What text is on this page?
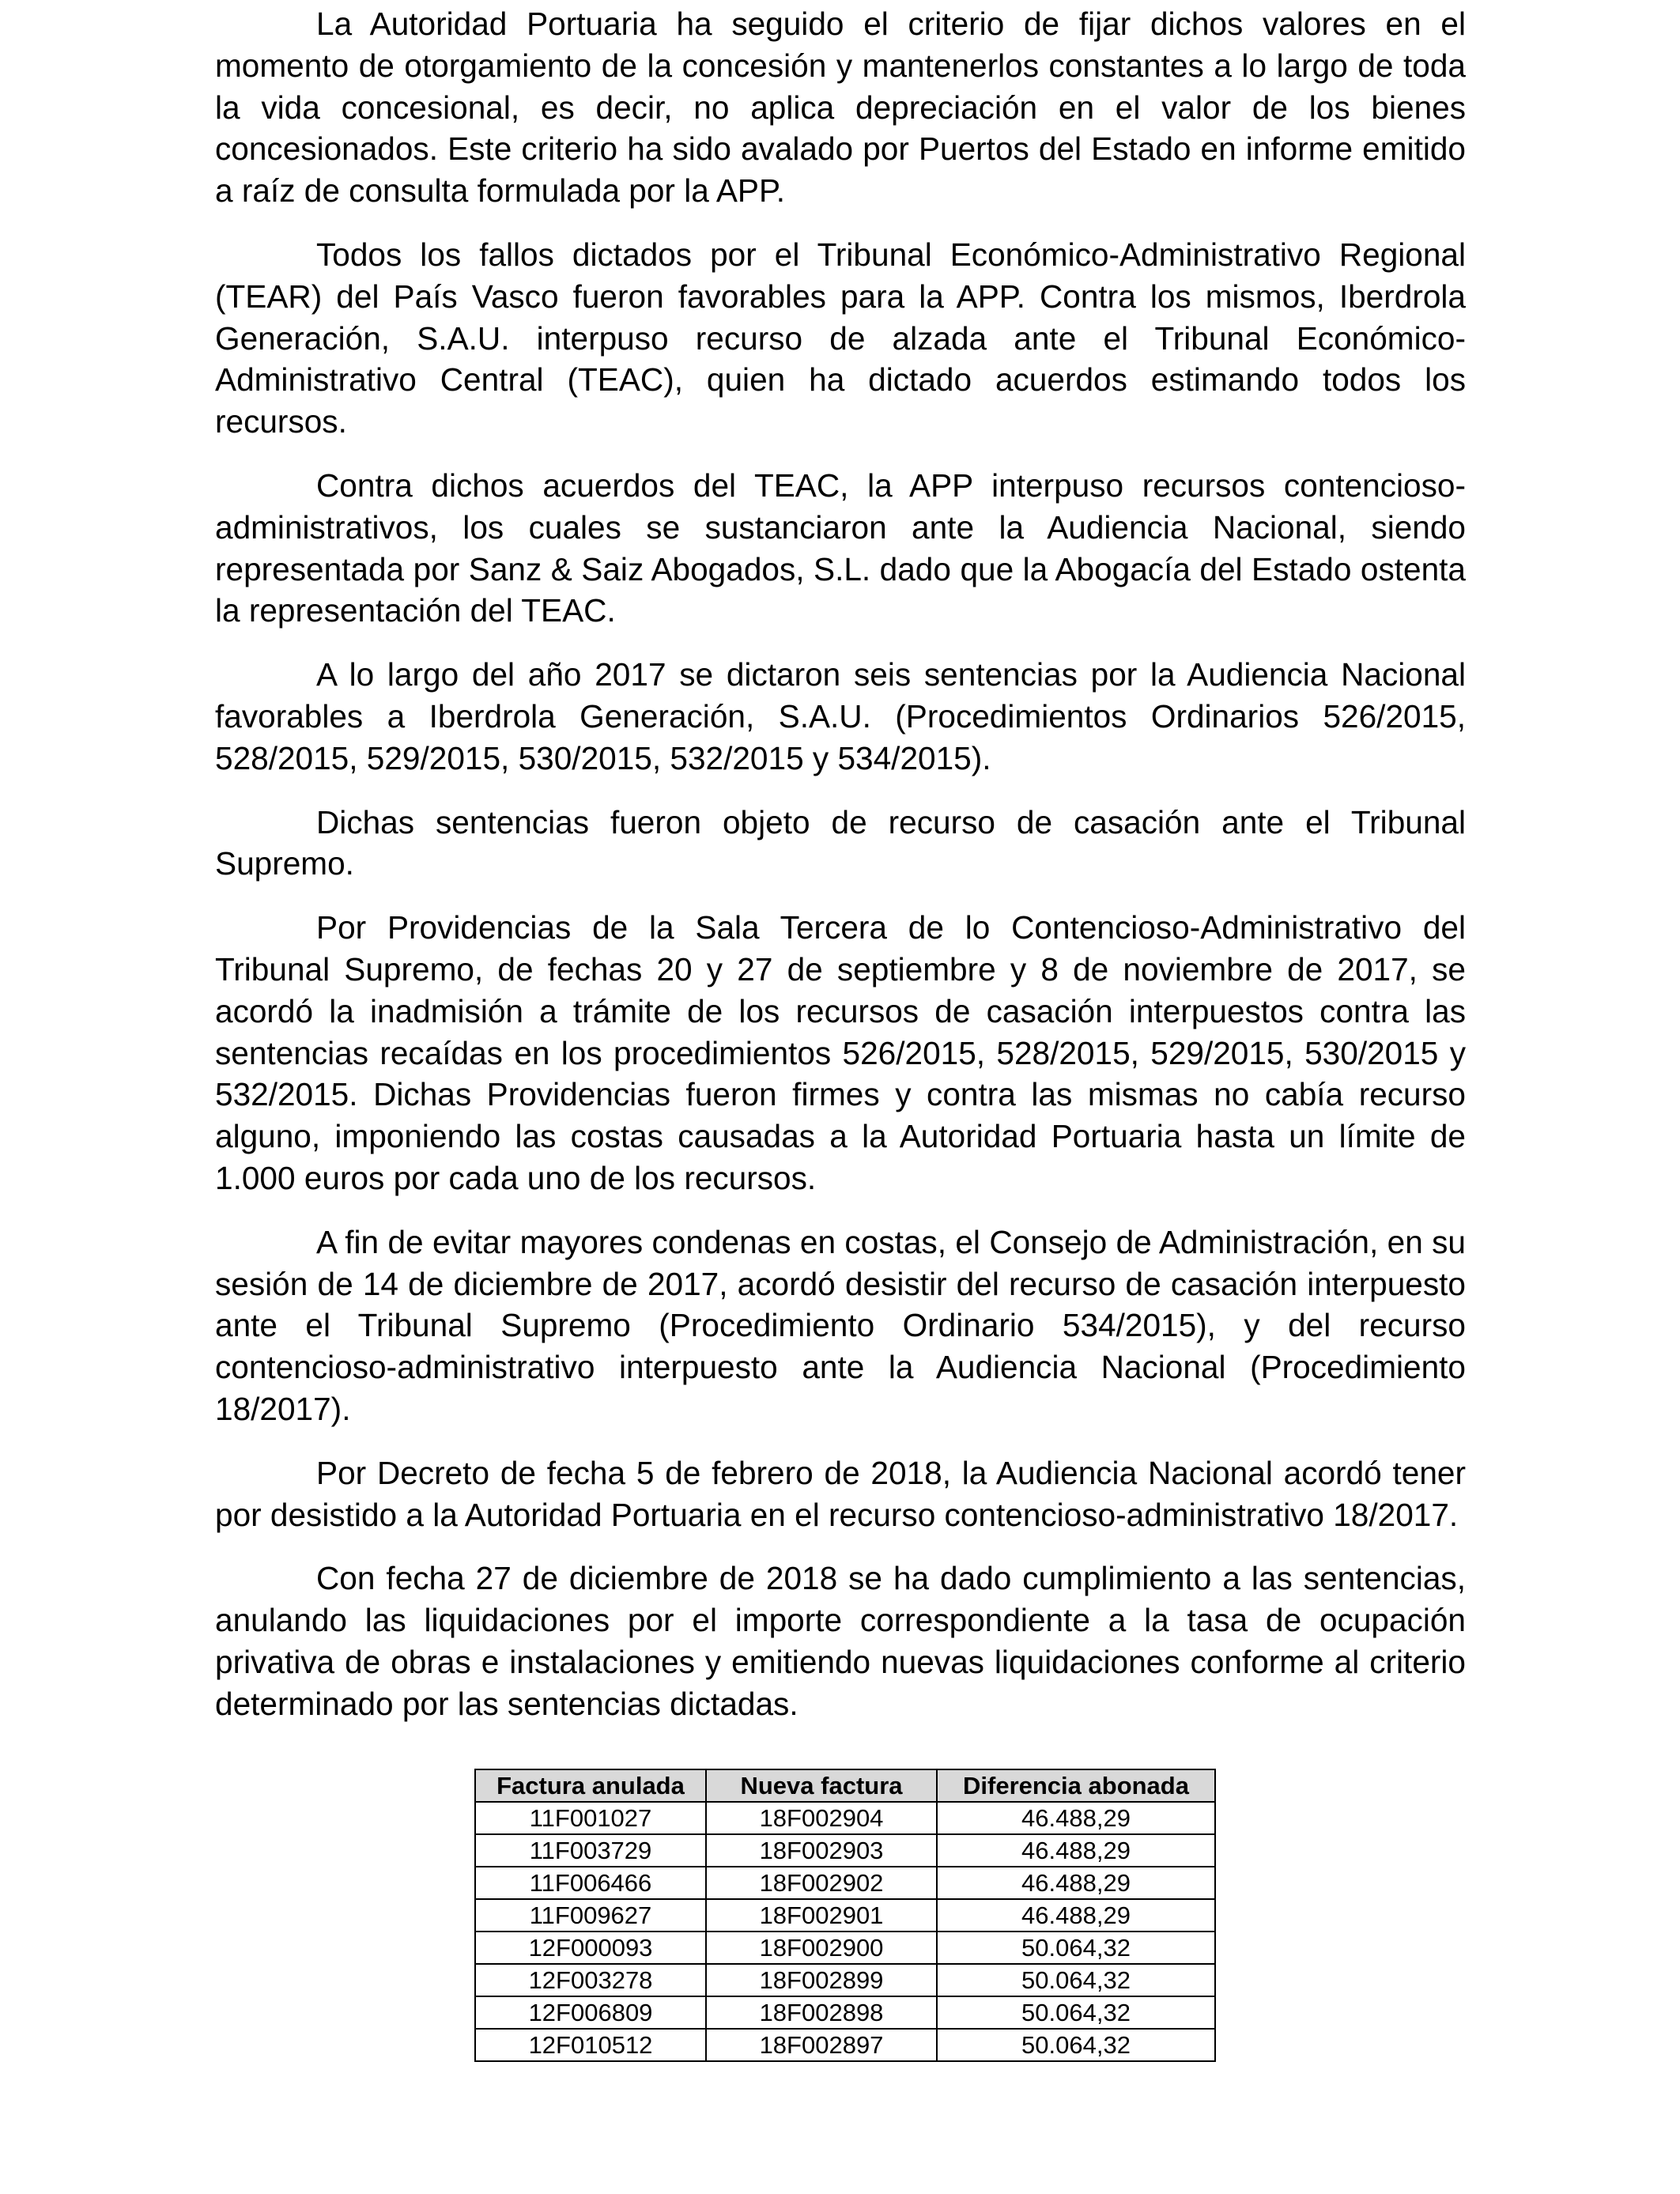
La Autoridad Portuaria ha seguido el criterio de fijar dichos valores en el momento de otorgamiento de la concesión y mantenerlos constantes a lo largo de toda la vida concesional, es decir, no aplica depreciación en el valor de los bienes concesionados. Este criterio ha sido avalado por Puertos del Estado en informe emitido a raíz de consulta formulada por la APP.

Todos los fallos dictados por el Tribunal Económico-Administrativo Regional (TEAR) del País Vasco fueron favorables para la APP. Contra los mismos, Iberdrola Generación, S.A.U. interpuso recurso de alzada ante el Tribunal Económico-Administrativo Central (TEAC), quien ha dictado acuerdos estimando todos los recursos.

Contra dichos acuerdos del TEAC, la APP interpuso recursos contencioso-administrativos, los cuales se sustanciaron ante la Audiencia Nacional, siendo representada por Sanz & Saiz Abogados, S.L. dado que la Abogacía del Estado ostenta la representación del TEAC.

A lo largo del año 2017 se dictaron seis sentencias por la Audiencia Nacional favorables a Iberdrola Generación, S.A.U. (Procedimientos Ordinarios 526/2015, 528/2015, 529/2015, 530/2015, 532/2015 y 534/2015).

Dichas sentencias fueron objeto de recurso de casación ante el Tribunal Supremo.

Por Providencias de la Sala Tercera de lo Contencioso-Administrativo del Tribunal Supremo, de fechas 20 y 27 de septiembre y 8 de noviembre de 2017, se acordó la inadmisión a trámite de los recursos de casación interpuestos contra las sentencias recaídas en los procedimientos 526/2015, 528/2015, 529/2015, 530/2015 y 532/2015. Dichas Providencias fueron firmes y contra las mismas no cabía recurso alguno, imponiendo las costas causadas a la Autoridad Portuaria hasta un límite de 1.000 euros por cada uno de los recursos.

A fin de evitar mayores condenas en costas, el Consejo de Administración, en su sesión de 14 de diciembre de 2017, acordó desistir del recurso de casación interpuesto ante el Tribunal Supremo (Procedimiento Ordinario 534/2015), y del recurso contencioso-administrativo interpuesto ante la Audiencia Nacional (Procedimiento 18/2017).

Por Decreto de fecha 5 de febrero de 2018, la Audiencia Nacional acordó tener por desistido a la Autoridad Portuaria en el recurso contencioso-administrativo 18/2017.

Con fecha 27 de diciembre de 2018 se ha dado cumplimiento a las sentencias, anulando las liquidaciones por el importe correspondiente a la tasa de ocupación privativa de obras e instalaciones y emitiendo nuevas liquidaciones conforme al criterio determinado por las sentencias dictadas.

Factura anulada	Nueva factura	Diferencia abonada
11F001027	18F002904	46.488,29
11F003729	18F002903	46.488,29
11F006466	18F002902	46.488,29
11F009627	18F002901	46.488,29
12F000093	18F002900	50.064,32
12F003278	18F002899	50.064,32
12F006809	18F002898	50.064,32
12F010512	18F002897	50.064,32
